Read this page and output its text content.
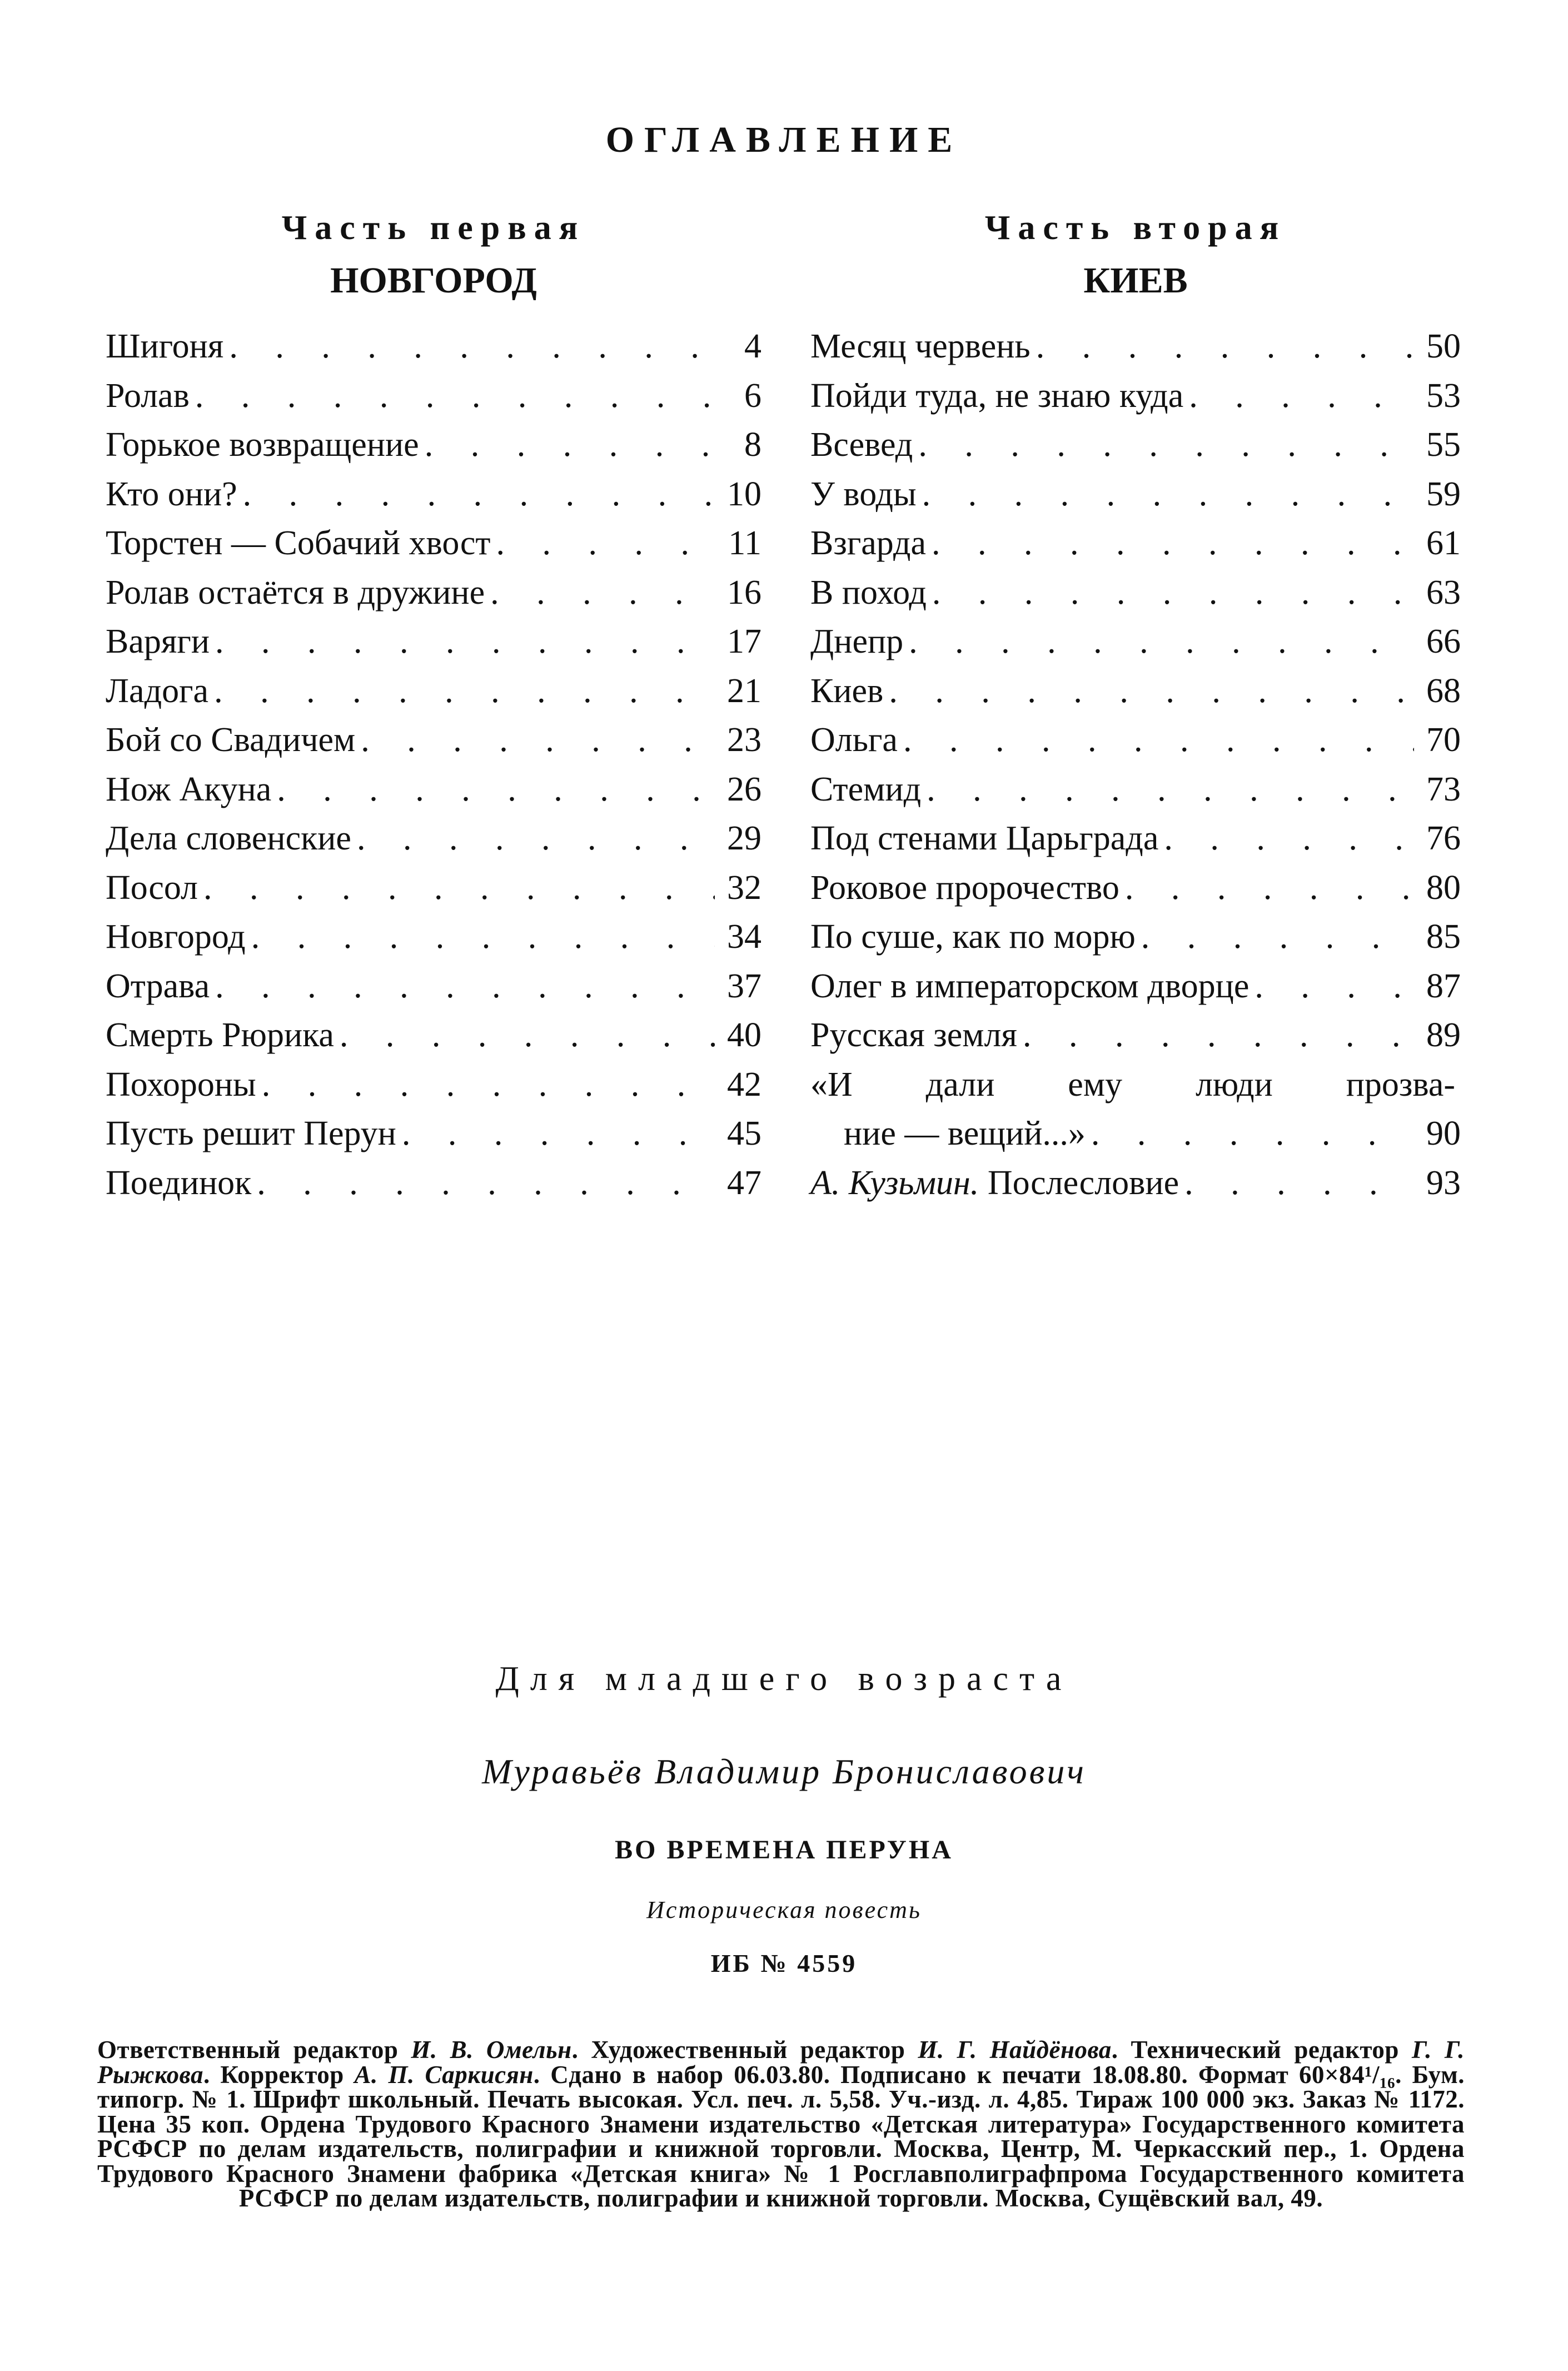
ОГЛАВЛЕНИЕ
Часть первая
НОВГОРОД
Шигоня . . .	4
Ролав . . .	6
Горькое возвращение . . .	8
Кто они? . . .	10
Торстен — Собачий хвост . . .	11
Ролав остаётся в дружине . . .	16
Варяги . . .	17
Ладога . . .	21
Бой со Свадичем . . .	23
Нож Акуна . . .	26
Дела словенские . . .	29
Посол . . .	32
Новгород . . .	34
Отрава . . .	37
Смерть Рюрика . . .	40
Похороны . . .	42
Пусть решит Перун . . .	45
Поединок . . .	47
Часть вторая
КИЕВ
Месяц червень . . .	50
Пойди туда, не знаю куда . . .	53
Всевед . . .	55
У воды . . .	59
Взгарда . . .	61
В поход . . .	63
Днепр . . .	66
Киев . . .	68
Ольга . . .	70
Стемид . . .	73
Под стенами Царьграда . . .	76
Роковое пророчество . . .	80
По суше, как по морю . . .	85
Олег в императорском дворце . . .	87
Русская земля . . .	89
«И дали ему люди прозва-
ние — вещий...» . . .	90
А. Кузьмин. Послесловие . . .	93
Для младшего возраста
Муравьёв Владимир Брониславович
ВО ВРЕМЕНА ПЕРУНА
Историческая повесть
ИБ № 4559

Ответственный редактор И. В. Омельн. Художественный редактор И. Г. Найдёнова. Технический редактор Г. Г. Рыжкова. Корректор А. П. Саркисян. Сдано в набор 06.03.80. Подписано к печати 18.08.80. Формат 60×84¹/₁₆. Бум. типогр. № 1. Шрифт школьный. Печать высокая. Усл. печ. л. 5,58. Уч.-изд. л. 4,85. Тираж 100 000 экз. Заказ № 1172. Цена 35 коп. Ордена Трудового Красного Знамени издательство «Детская литература» Государственного комитета РСФСР по делам издательств, полиграфии и книжной торговли. Москва, Центр, М. Черкасский пер., 1. Ордена Трудового Красного Знамени фабрика «Детская книга» № 1 Росглавполиграфпрома Государственного комитета РСФСР по делам издательств, полиграфии и книжной торговли. Москва, Сущёвский вал, 49.
